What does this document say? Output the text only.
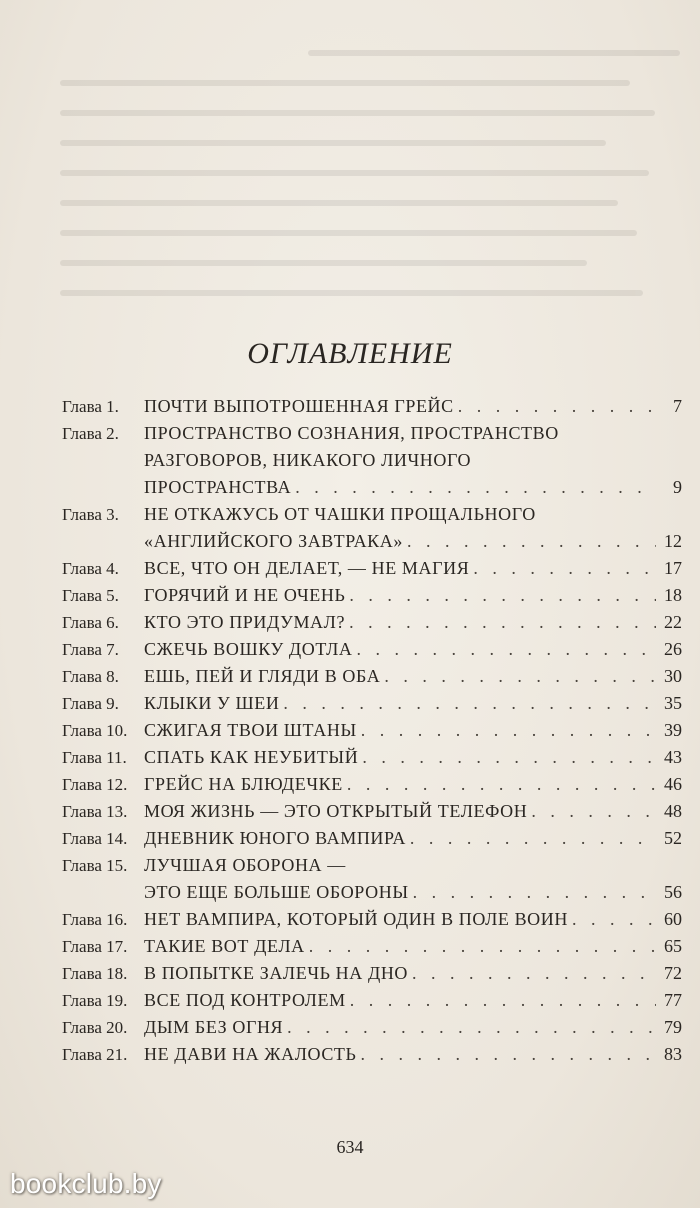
ОГЛАВЛЕНИЕ
Глава 1.	ПОЧТИ ВЫПОТРОШЕННАЯ ГРЕЙС . . .	7
Глава 2.	ПРОСТРАНСТВО СОЗНАНИЯ, ПРОСТРАНСТВО
РАЗГОВОРОВ, НИКАКОГО ЛИЧНОГО
ПРОСТРАНСТВА . . .	9
Глава 3.	НЕ ОТКАЖУСЬ ОТ ЧАШКИ ПРОЩАЛЬНОГО
«АНГЛИЙСКОГО ЗАВТРАКА» . . .	12
Глава 4.	ВСЕ, ЧТО ОН ДЕЛАЕТ, — НЕ МАГИЯ . . .	17
Глава 5.	ГОРЯЧИЙ И НЕ ОЧЕНЬ . . .	18
Глава 6.	КТО ЭТО ПРИДУМАЛ? . . .	22
Глава 7.	СЖЕЧЬ ВОШКУ ДОТЛА . . .	26
Глава 8.	ЕШЬ, ПЕЙ И ГЛЯДИ В ОБА . . .	30
Глава 9.	КЛЫКИ У ШЕИ . . .	35
Глава 10. СЖИГАЯ ТВОИ ШТАНЫ . . .	39
Глава 11. СПАТЬ КАК НЕУБИТЫЙ . . .	43
Глава 12. ГРЕЙС НА БЛЮДЕЧКЕ . . .	46
Глава 13. МОЯ ЖИЗНЬ — ЭТО ОТКРЫТЫЙ ТЕЛЕФОН . . .	48
Глава 14. ДНЕВНИК ЮНОГО ВАМПИРА . . .	52
Глава 15. ЛУЧШАЯ ОБОРОНА —
ЭТО ЕЩЕ БОЛЬШЕ ОБОРОНЫ . . .	56
Глава 16. НЕТ ВАМПИРА, КОТОРЫЙ ОДИН В ПОЛЕ ВОИН . . .	60
Глава 17. ТАКИЕ ВОТ ДЕЛА . . .	65
Глава 18. В ПОПЫТКЕ ЗАЛЕЧЬ НА ДНО . . .	72
Глава 19. ВСЕ ПОД КОНТРОЛЕМ . . .	77
Глава 20. ДЫМ БЕЗ ОГНЯ . . .	79
Глава 21. НЕ ДАВИ НА ЖАЛОСТЬ . . .	83
634
bookclub.by
